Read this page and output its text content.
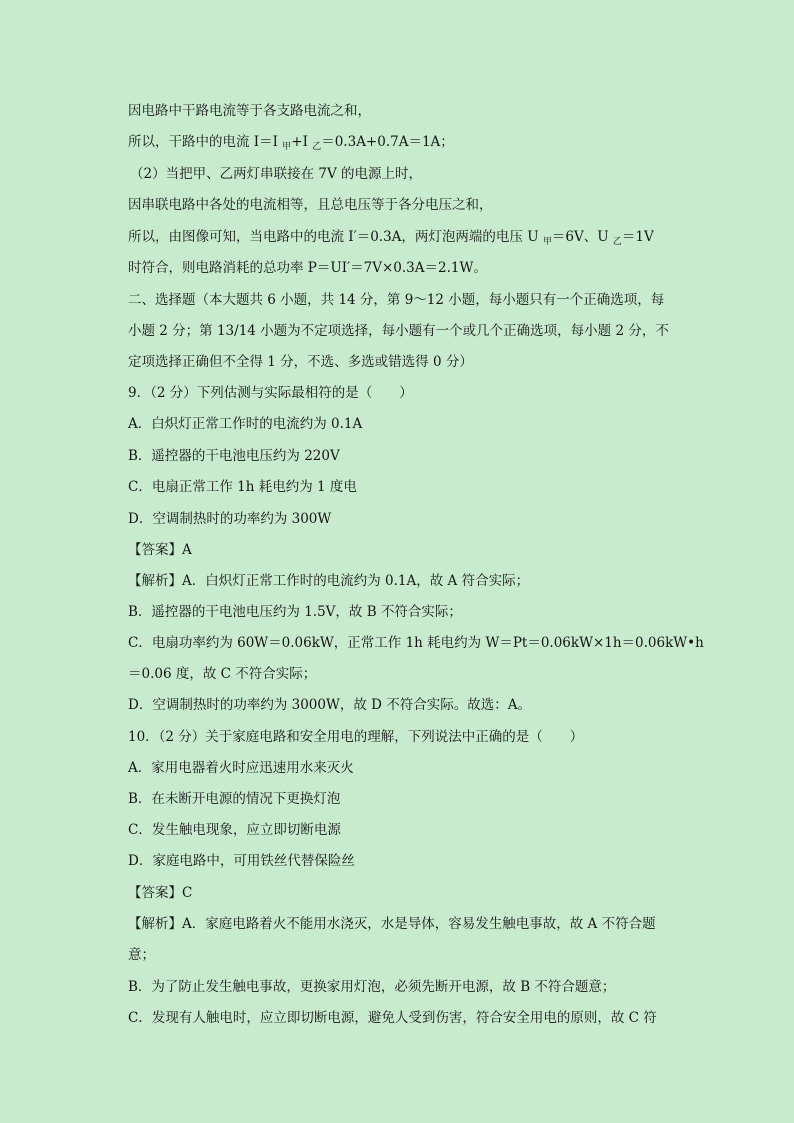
因电路中干路电流等于各支路电流之和，
所以，干路中的电流 I＝I $_甲$+I $_乙$＝0.3A+0.7A＝1A；
（2）当把甲、乙两灯串联接在 7V 的电源上时，
因串联电路中各处的电流相等，且总电压等于各分电压之和，
所以，由图像可知，当电路中的电流 I′＝0.3A，两灯泡两端的电压 U $_甲$＝6V、U $_乙$＝1V
时符合，则电路消耗的总功率 P＝UI′＝7V×0.3A＝2.1W。
二、选择题（本大题共 6 小题，共 14 分，第 9～12 小题，每小题只有一个正确选项，每
小题 2 分；第 13/14 小题为不定项选择，每小题有一个或几个正确选项，每小题 2 分，不
定项选择正确但不全得 1 分，不选、多选或错选得 0 分）
9．（2 分）下列估测与实际最相符的是（　　）
A．白炽灯正常工作时的电流约为 0.1A
B．遥控器的干电池电压约为 220V
C．电扇正常工作 1h 耗电约为 1 度电
D．空调制热时的功率约为 300W
【答案】A
【解析】A．白炽灯正常工作时的电流约为 0.1A，故 A 符合实际；
B．遥控器的干电池电压约为 1.5V，故 B 不符合实际；
C．电扇功率约为 60W＝0.06kW，正常工作 1h 耗电约为 W＝Pt＝0.06kW×1h＝0.06kW•h
＝0.06 度，故 C 不符合实际；
D．空调制热时的功率约为 3000W，故 D 不符合实际。故选：A。
10．（2 分）关于家庭电路和安全用电的理解，下列说法中正确的是（　　）
A．家用电器着火时应迅速用水来灭火
B．在未断开电源的情况下更换灯泡
C．发生触电现象，应立即切断电源
D．家庭电路中，可用铁丝代替保险丝
【答案】C
【解析】A．家庭电路着火不能用水浇灭，水是导体，容易发生触电事故，故 A 不符合题
意；
B．为了防止发生触电事故，更换家用灯泡，必须先断开电源，故 B 不符合题意；
C．发现有人触电时，应立即切断电源，避免人受到伤害，符合安全用电的原则，故 C 符
